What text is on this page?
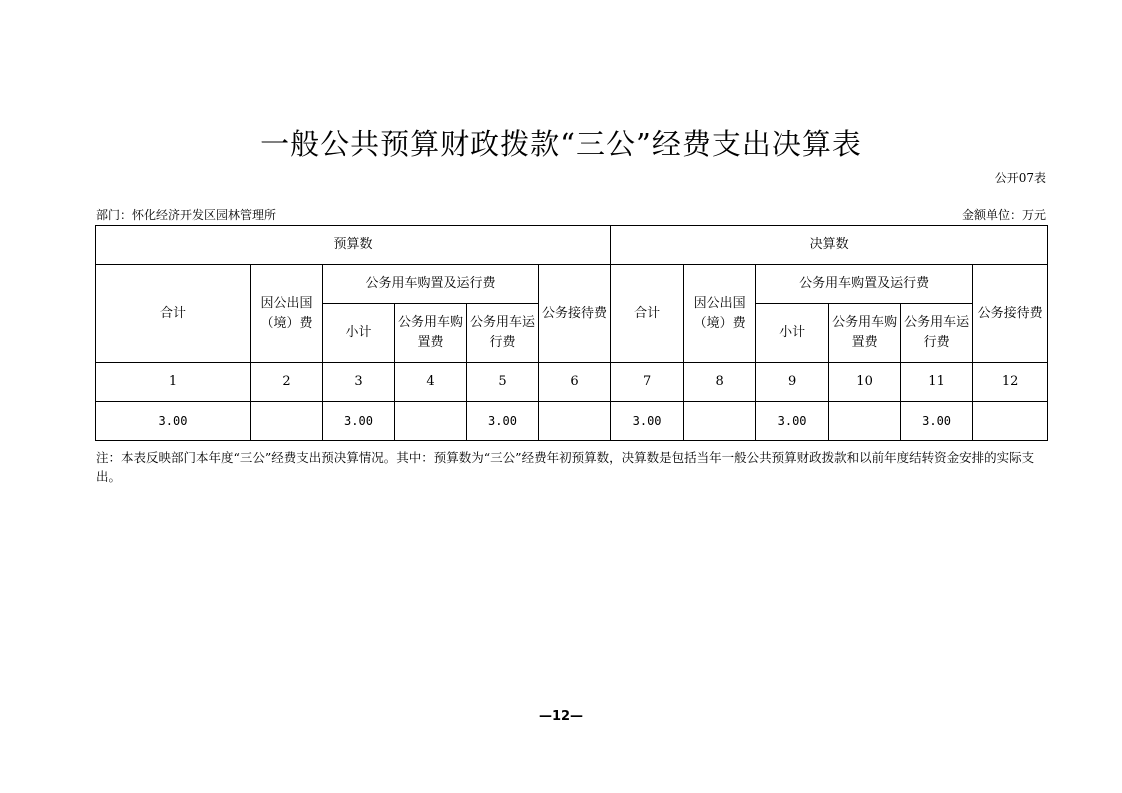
一般公共预算财政拨款“三公”经费支出决算表
公开07表
部门：怀化经济开发区园林管理所	金额单位：万元
预算数						决算数					
合计	因公出国（境）费	公务用车购置及运行费			公务接待费	合计	因公出国（境）费	公务用车购置及运行费			公务接待费
		小计	公务用车购置费	公务用车运行费				小计	公务用车购置费	公务用车运行费	
1	2	3	4	5	6	7	8	9	10	11	12
3.00		3.00		3.00		3.00		3.00		3.00	
注：本表反映部门本年度“三公”经费支出预决算情况。其中：预算数为“三公”经费年初预算数，决算数是包括当年一般公共预算财政拨款和以前年度结转资金安排的实际支出。
—12—
